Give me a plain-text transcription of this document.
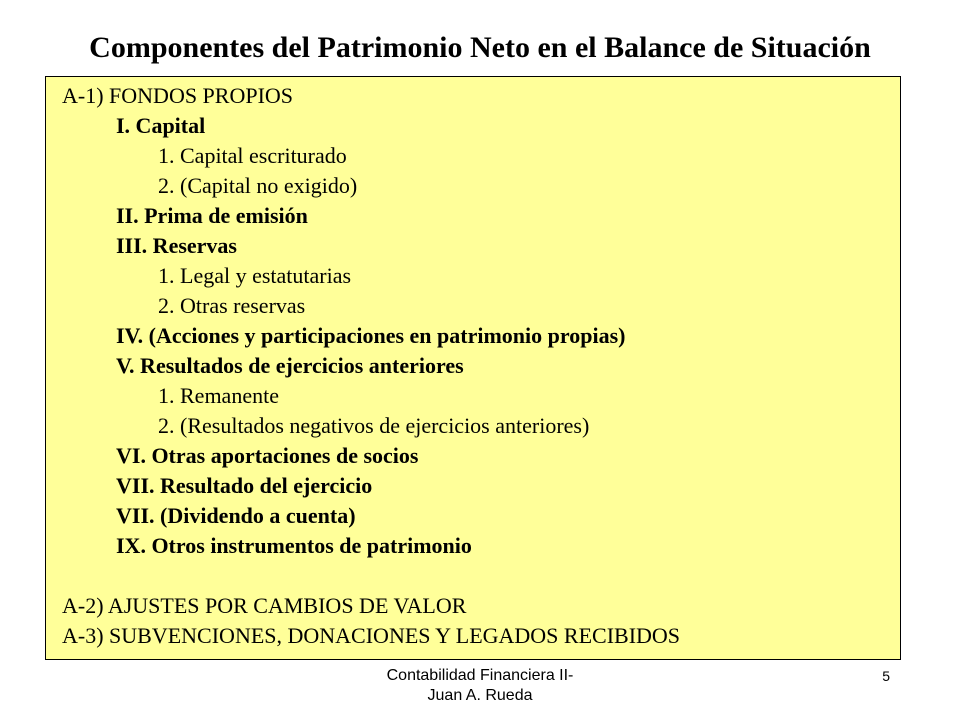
Componentes del Patrimonio Neto en el Balance de Situación
A-1) FONDOS PROPIOS
I. Capital
1. Capital escriturado
2. (Capital no exigido)
II. Prima de emisión
III. Reservas
1. Legal y estatutarias
2. Otras reservas
IV. (Acciones y participaciones en patrimonio propias)
V. Resultados de ejercicios anteriores
1. Remanente
2. (Resultados negativos de ejercicios anteriores)
VI. Otras aportaciones de socios
VII. Resultado del ejercicio
VII. (Dividendo a cuenta)
IX. Otros instrumentos de patrimonio
A-2) AJUSTES POR CAMBIOS DE VALOR
A-3) SUBVENCIONES, DONACIONES Y LEGADOS RECIBIDOS
Contabilidad Financiera II-
Juan A. Rueda
5
